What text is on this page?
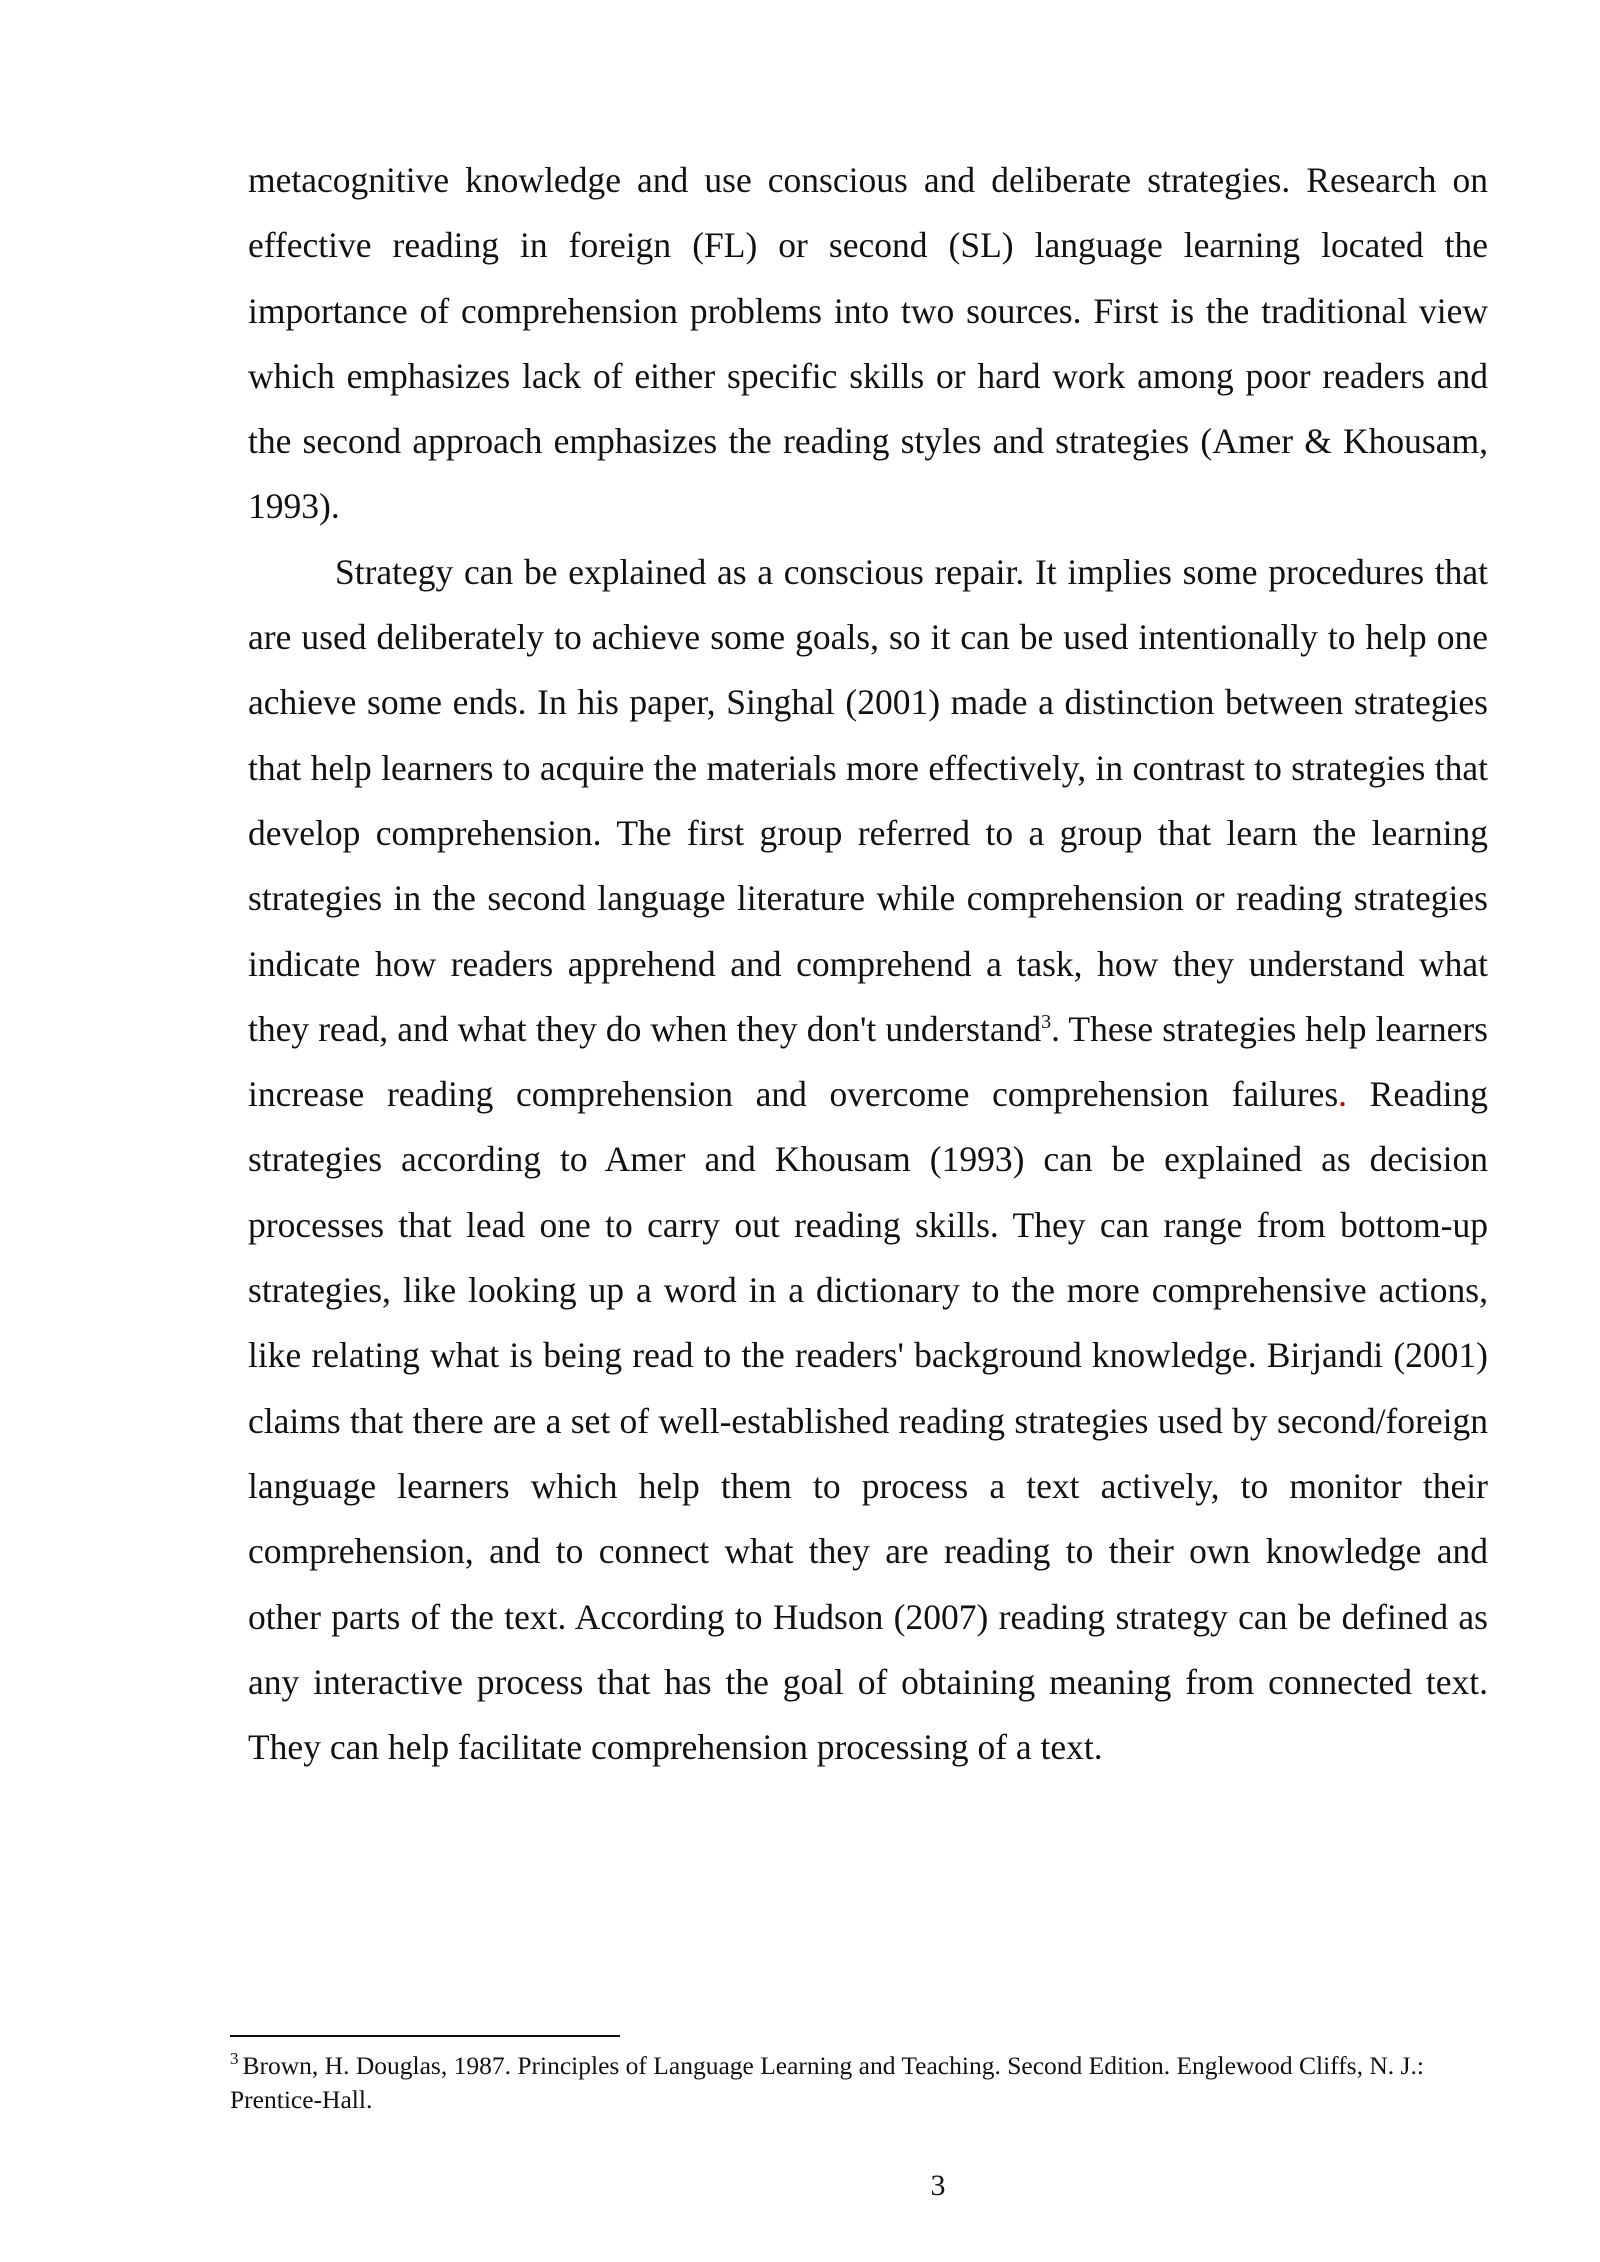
metacognitive knowledge and use conscious and deliberate strategies. Research on effective reading in foreign (FL) or second (SL) language learning located the importance of comprehension problems into two sources. First is the traditional view which emphasizes lack of either specific skills or hard work among poor readers and the second approach emphasizes the reading styles and strategies (Amer & Khousam, 1993).

Strategy can be explained as a conscious repair. It implies some procedures that are used deliberately to achieve some goals, so it can be used intentionally to help one achieve some ends. In his paper, Singhal (2001) made a distinction between strategies that help learners to acquire the materials more effectively, in contrast to strategies that develop comprehension. The first group referred to a group that learn the learning strategies in the second language literature while comprehension or reading strategies indicate how readers apprehend and comprehend a task, how they understand what they read, and what they do when they don't understand$^3$. These strategies help learners increase reading comprehension and overcome comprehension failures. Reading strategies according to Amer and Khousam (1993) can be explained as decision processes that lead one to carry out reading skills. They can range from bottom-up strategies, like looking up a word in a dictionary to the more comprehensive actions, like relating what is being read to the readers' background knowledge. Birjandi (2001) claims that there are a set of well-established reading strategies used by second/foreign language learners which help them to process a text actively, to monitor their comprehension, and to connect what they are reading to their own knowledge and other parts of the text. According to Hudson (2007) reading strategy can be defined as any interactive process that has the goal of obtaining meaning from connected text. They can help facilitate comprehension processing of a text.

$^3$ Brown, H. Douglas, 1987. Principles of Language Learning and Teaching. Second Edition. Englewood Cliffs, N. J.: Prentice-Hall.

3
